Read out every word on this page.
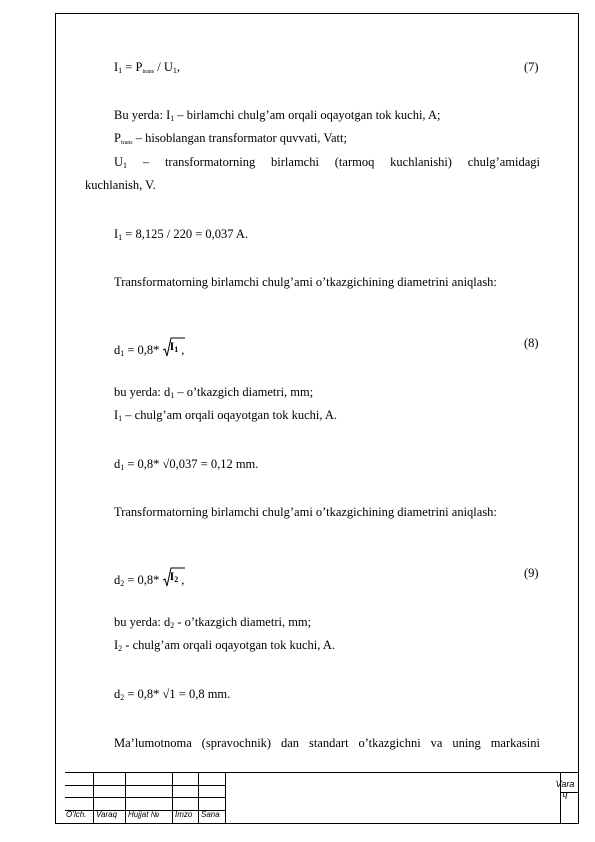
$I_1 = P_{trans} / U_1$,	(7)
Bu yerda: $I_1$ – birlamchi chulg’am orqali oqayotgan tok kuchi, A;
$P_{trans}$ – hisoblangan transformator quvvati, Vatt;
$U_1$ – transformatorning birlamchi (tarmoq kuchlanishi) chulg’amidagi
kuchlanish, V.
$I_1 = 8,125 / 220 = 0,037$ A.
Transformatorning birlamchi chulg’ami o’tkazgichining diametrini aniqlash:
$d_1 = 0,8*$ I1 ,	(8)
bu yerda: $d_1$ – o’tkazgich diametri, mm;
$I_1$ – chulg’am orqali oqayotgan tok kuchi, A.
$d_1 = 0,8*$ √0,037 = 0,12 mm.
Transformatorning birlamchi chulg’ami o’tkazgichining diametrini aniqlash:
$d_2 = 0,8*$ I2 ,	(9)
bu yerda: $d_2$ - o’tkazgich diametri, mm;
$I_2$ - chulg’am orqali oqayotgan tok kuchi, A.
$d_2 = 0,8*$ √1 = 0,8 mm.
Ma’lumotnoma (spravochnik) dan standart o’tkazgichni va uning markasini
O’lch. Varaq Hujjat № Imzo Sana
Vara
q
